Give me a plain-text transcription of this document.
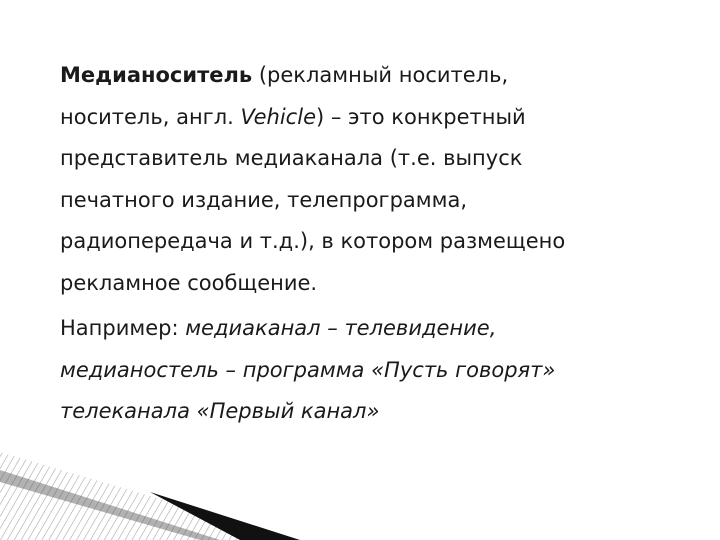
Медианоситель (рекламный носитель,
носитель, англ. Vehicle) – это конкретный
представитель медиаканала (т.е. выпуск
печатного издание, телепрограмма,
радиопередача и т.д.), в котором размещено
рекламное сообщение.

Например: медиаканал – телевидение,
медианостель – программа «Пусть говорят»
телеканала «Первый канал»
